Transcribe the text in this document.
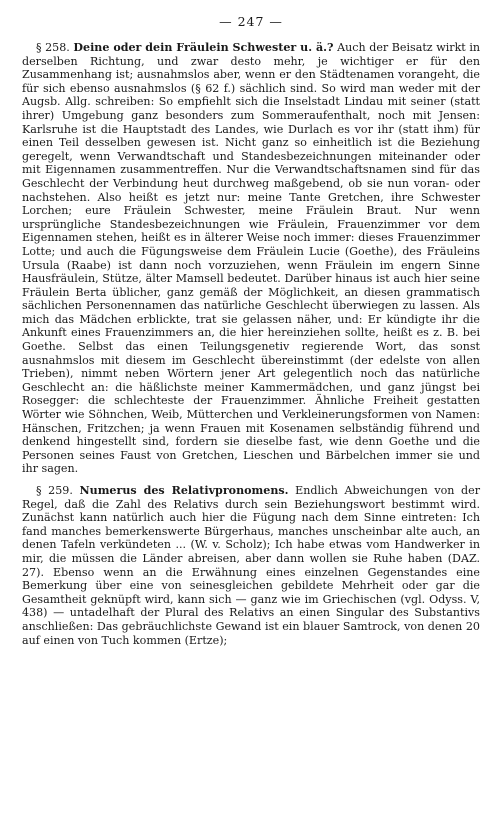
— 247 —

§ 258. Deine oder dein Fräulein Schwester u. ä.? Auch der Beisatz wirkt in derselben Richtung, und zwar desto mehr, je wichtiger er für den Zusammenhang ist; ausnahmslos aber, wenn er den Städtenamen vorangeht, die für sich ebenso ausnahmslos (§ 62 f.) sächlich sind. So wird man weder mit der Augsb. Allg. schreiben: So empfiehlt sich die Inselstadt Lindau mit seiner (statt ihrer) Umgebung ganz besonders zum Sommeraufenthalt, noch mit Jensen: Karlsruhe ist die Hauptstadt des Landes, wie Durlach es vor ihr (statt ihm) für einen Teil desselben gewesen ist. Nicht ganz so einheitlich ist die Beziehung geregelt, wenn Verwandtschaft und Standesbezeichnungen miteinander oder mit Eigennamen zusammentreffen. Nur die Verwandtschaftsnamen sind für das Geschlecht der Verbindung heut durchweg maßgebend, ob sie nun voran- oder nachstehen. Also heißt es jetzt nur: meine Tante Gretchen, ihre Schwester Lorchen; eure Fräulein Schwester, meine Fräulein Braut. Nur wenn ursprüngliche Standesbezeichnungen wie Fräulein, Frauenzimmer vor dem Eigennamen stehen, heißt es in älterer Weise noch immer: dieses Frauenzimmer Lotte; und auch die Fügungsweise dem Fräulein Lucie (Goethe), des Fräuleins Ursula (Raabe) ist dann noch vorzuziehen, wenn Fräulein im engern Sinne Hausfräulein, Stütze, älter Mamsell bedeutet. Darüber hinaus ist auch hier seine Fräulein Berta üblicher, ganz gemäß der Möglichkeit, an diesen grammatisch sächlichen Personennamen das natürliche Geschlecht überwiegen zu lassen. Als mich das Mädchen erblickte, trat sie gelassen näher, und: Er kündigte ihr die Ankunft eines Frauenzimmers an, die hier hereinziehen sollte, heißt es z. B. bei Goethe. Selbst das einen Teilungsgenetiv regierende Wort, das sonst ausnahmslos mit diesem im Geschlecht übereinstimmt (der edelste von allen Trieben), nimmt neben Wörtern jener Art gelegentlich noch das natürliche Geschlecht an: die häßlichste meiner Kammermädchen, und ganz jüngst bei Rosegger: die schlechteste der Frauenzimmer. Ähnliche Freiheit gestatten Wörter wie Söhnchen, Weib, Mütterchen und Verkleinerungsformen von Namen: Hänschen, Fritzchen; ja wenn Frauen mit Kosenamen selbständig führend und denkend hingestellt sind, fordern sie dieselbe fast, wie denn Goethe und die Personen seines Faust von Gretchen, Lieschen und Bärbelchen immer sie und ihr sagen.

§ 259. Numerus des Relativpronomens. Endlich Abweichungen von der Regel, daß die Zahl des Relativs durch sein Beziehungswort bestimmt wird. Zunächst kann natürlich auch hier die Fügung nach dem Sinne eintreten: Ich fand manches bemerkenswerte Bürgerhaus, manches unscheinbar alte auch, an denen Tafeln verkündeten ... (W. v. Scholz); Ich habe etwas vom Handwerker in mir, die müssen die Länder abreisen, aber dann wollen sie Ruhe haben (DAZ. 27). Ebenso wenn an die Erwähnung eines einzelnen Gegenstandes eine Bemerkung über eine von seinesgleichen gebildete Mehrheit oder gar die Gesamtheit geknüpft wird, kann sich — ganz wie im Griechischen (vgl. Odyss. V, 438) — untadelhaft der Plural des Relativs an einen Singular des Substantivs anschließen: Das gebräuchlichste Gewand ist ein blauer Samtrock, von denen 20 auf einen von Tuch kommen (Ertze);
